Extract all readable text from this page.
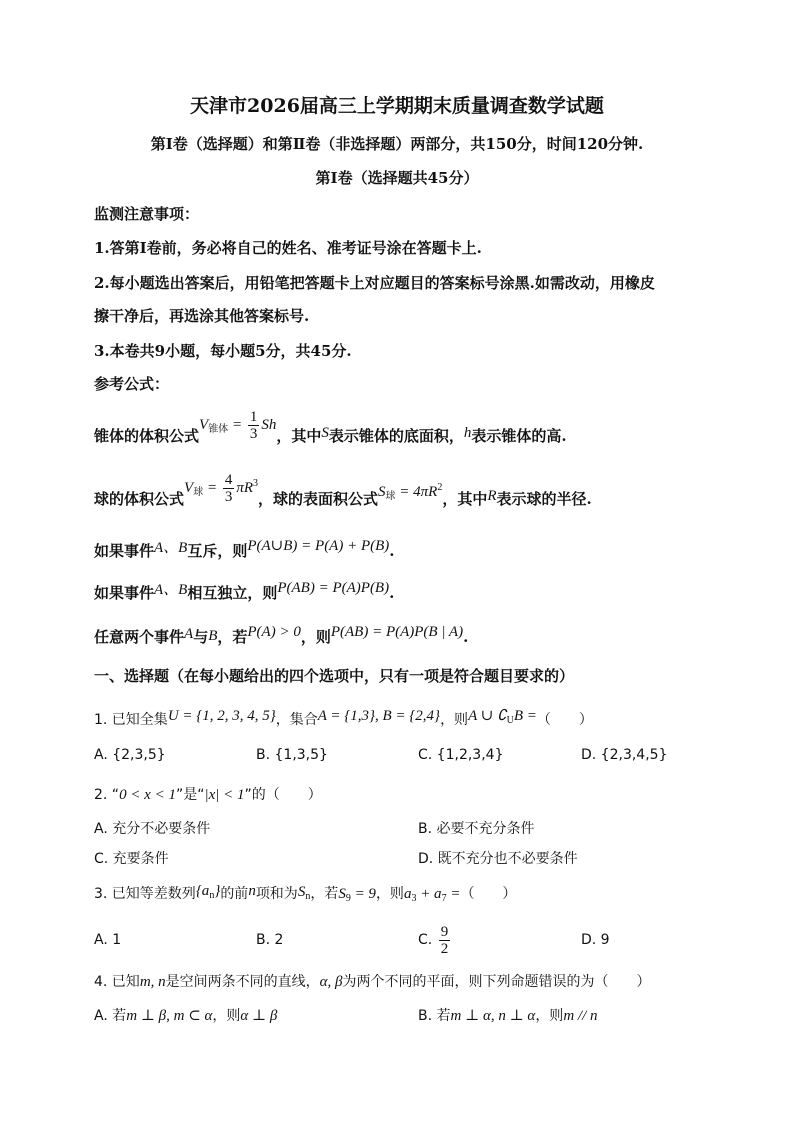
天津市2026届高三上学期期末质量调查数学试题
第Ⅰ卷（选择题）和第Ⅱ卷（非选择题）两部分，共150分，时间120分钟.
第Ⅰ卷（选择题共45分）
监测注意事项：
1.答第Ⅰ卷前，务必将自己的姓名、准考证号涂在答题卡上.
2.每小题选出答案后，用铅笔把答题卡上对应题目的答案标号涂黑.如需改动，用橡皮
擦干净后，再选涂其他答案标号.
3.本卷共9小题，每小题5分，共45分.
参考公式：
锥体的体积公式$V_{锥体} = \frac{1}{3}$ Sh，其中S表示锥体的底面积，h表示锥体的高.
球的体积公式$V_球 = \frac{4}{3} \pi R^3$，球的表面积公式$S_球 = 4\pi R^2$，其中R表示球的半径.
如果事件A、B互斥，则P(A∪B) = P(A) + P(B).
如果事件A、B相互独立，则P(AB) = P(A)P(B).
任意两个事件A与B，若P(A) > 0，则P(AB) = P(A)P(B | A).
一、选择题（在每小题给出的四个选项中，只有一项是符合题目要求的）
1. 已知全集U = {1, 2, 3, 4, 5}，集合A = {1,3}, B = {2,4}，则A ∪ $∁_UB$ =（　　）
A. {2,3,5}	B. {1,3,5}	C. {1,2,3,4}	D. {2,3,4,5}
2. “0 < x < 1”是“|x| < 1”的（　　）
A. 充分不必要条件	B. 必要不充分条件
C. 充要条件	D. 既不充分也不必要条件
3. 已知等差数列$\{a_n\}$的前n项和为$S_n$，若$S_9 = 9$，则$a_3 + a_7$ =（　　）
A. 1	B. 2	C. $\frac{9}{2}$	D. 9
4. 已知m, n是空间两条不同的直线，α, β为两个不同的平面，则下列命题错误的为（　　）
A. 若m ⊥ β, m ⊂ α，则α ⊥ β	B. 若m ⊥ α, n ⊥ α，则m // n
